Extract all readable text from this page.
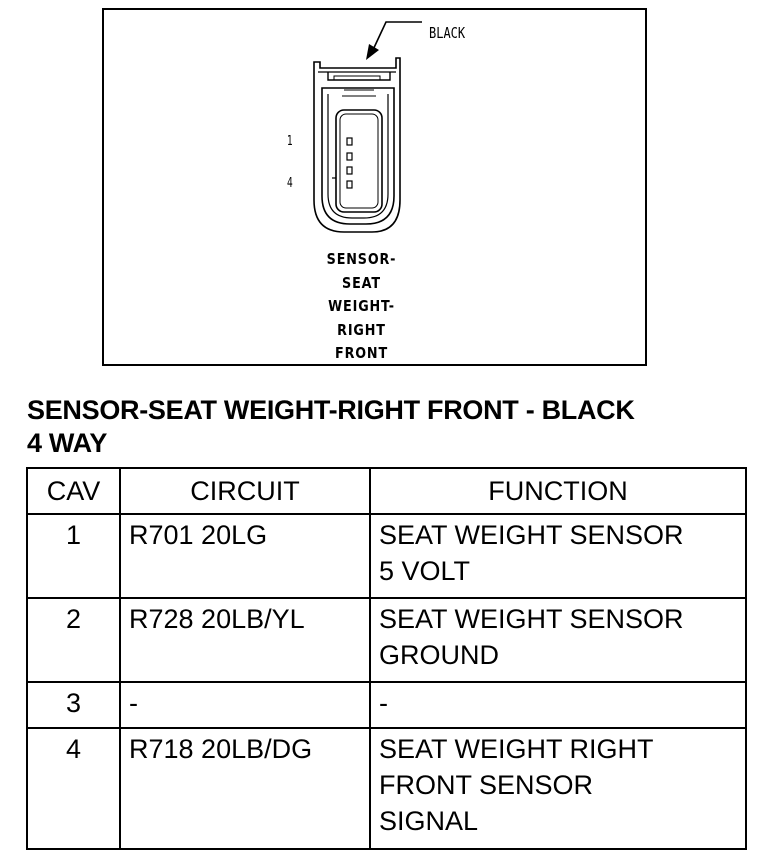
BLACK
1
4
SENSOR-
SEAT
WEIGHT-
RIGHT
FRONT
SENSOR-SEAT WEIGHT-RIGHT FRONT - BLACK
4 WAY
CAV	CIRCUIT	FUNCTION
1	R701 20LG	SEAT WEIGHT SENSOR
5 VOLT

2	R728 20LB/YL	SEAT WEIGHT SENSOR
GROUND

3	-	-

4	R718 20LB/DG	SEAT WEIGHT RIGHT
FRONT SENSOR
SIGNAL
